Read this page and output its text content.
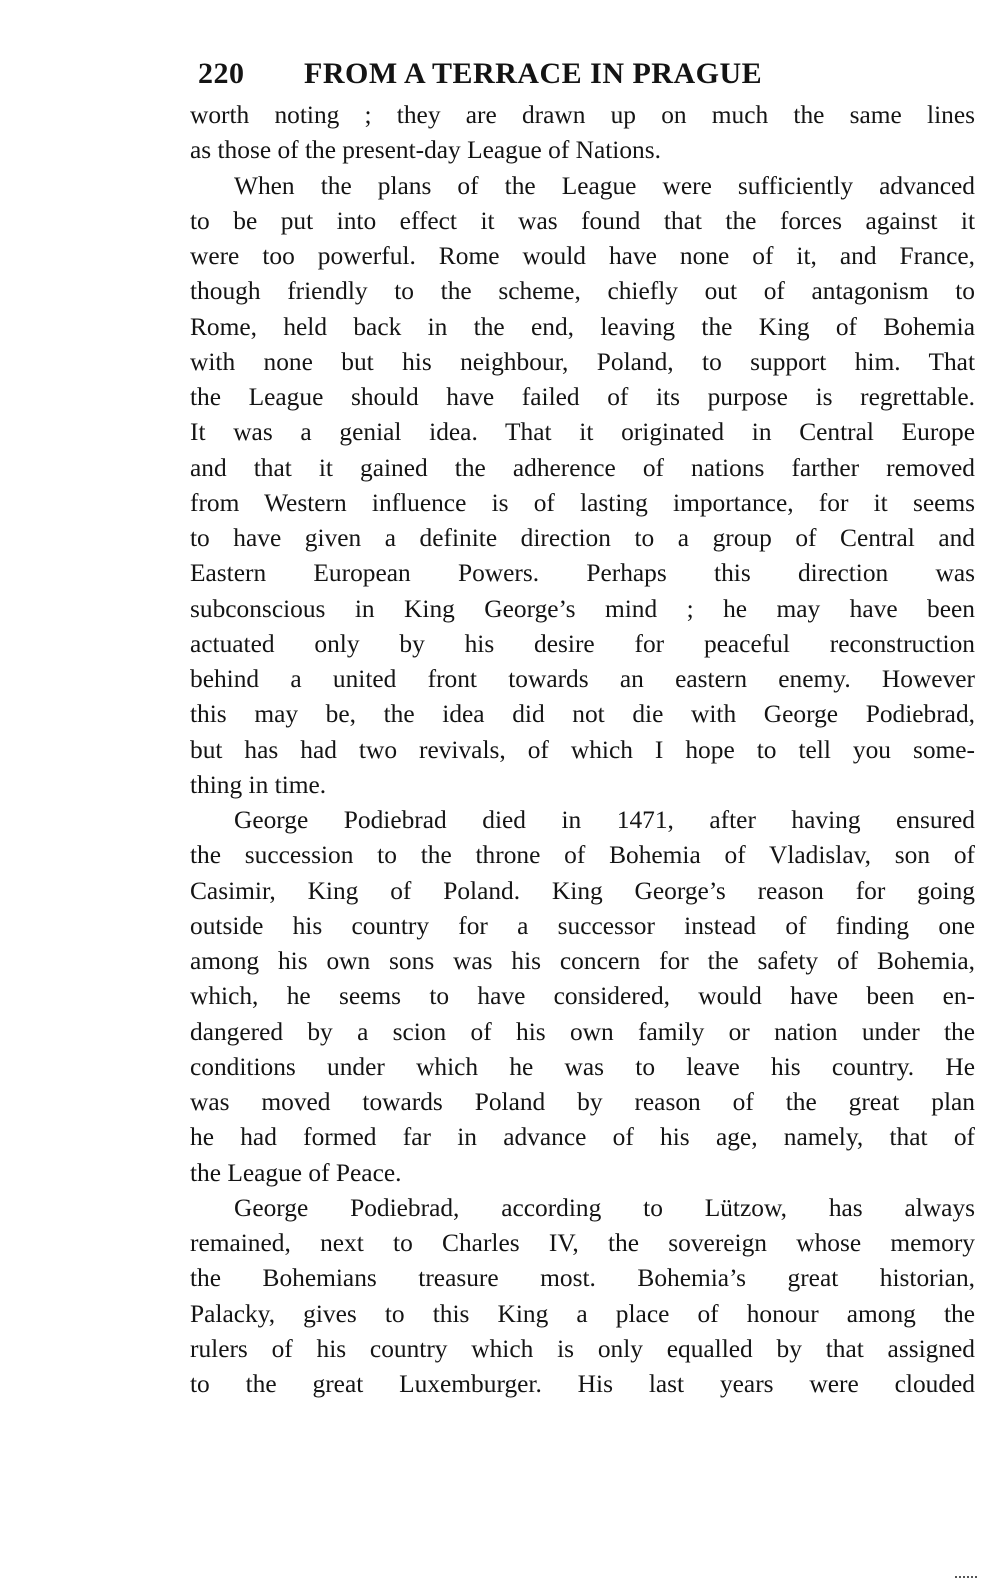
220	FROM A TERRACE IN PRAGUE
worth noting ; they are drawn up on much the same lines
as those of the present-day League of Nations.
When the plans of the League were sufficiently advanced
to be put into effect it was found that the forces against it
were too powerful. Rome would have none of it, and France,
though friendly to the scheme, chiefly out of antagonism to
Rome, held back in the end, leaving the King of Bohemia
with none but his neighbour, Poland, to support him. That
the League should have failed of its purpose is regrettable.
It was a genial idea. That it originated in Central Europe
and that it gained the adherence of nations farther removed
from Western influence is of lasting importance, for it seems
to have given a definite direction to a group of Central and
Eastern European Powers. Perhaps this direction was
subconscious in King George’s mind ; he may have been
actuated only by his desire for peaceful reconstruction
behind a united front towards an eastern enemy. However
this may be, the idea did not die with George Podiebrad,
but has had two revivals, of which I hope to tell you some-
thing in time.
George Podiebrad died in 1471, after having ensured
the succession to the throne of Bohemia of Vladislav, son of
Casimir, King of Poland. King George’s reason for going
outside his country for a successor instead of finding one
among his own sons was his concern for the safety of Bohemia,
which, he seems to have considered, would have been en-
dangered by a scion of his own family or nation under the
conditions under which he was to leave his country. He
was moved towards Poland by reason of the great plan
he had formed far in advance of his age, namely, that of
the League of Peace.
George Podiebrad, according to Lützow, has always
remained, next to Charles IV, the sovereign whose memory
the Bohemians treasure most. Bohemia’s great historian,
Palacky, gives to this King a place of honour among the
rulers of his country which is only equalled by that assigned
to the great Luxemburger. His last years were clouded
